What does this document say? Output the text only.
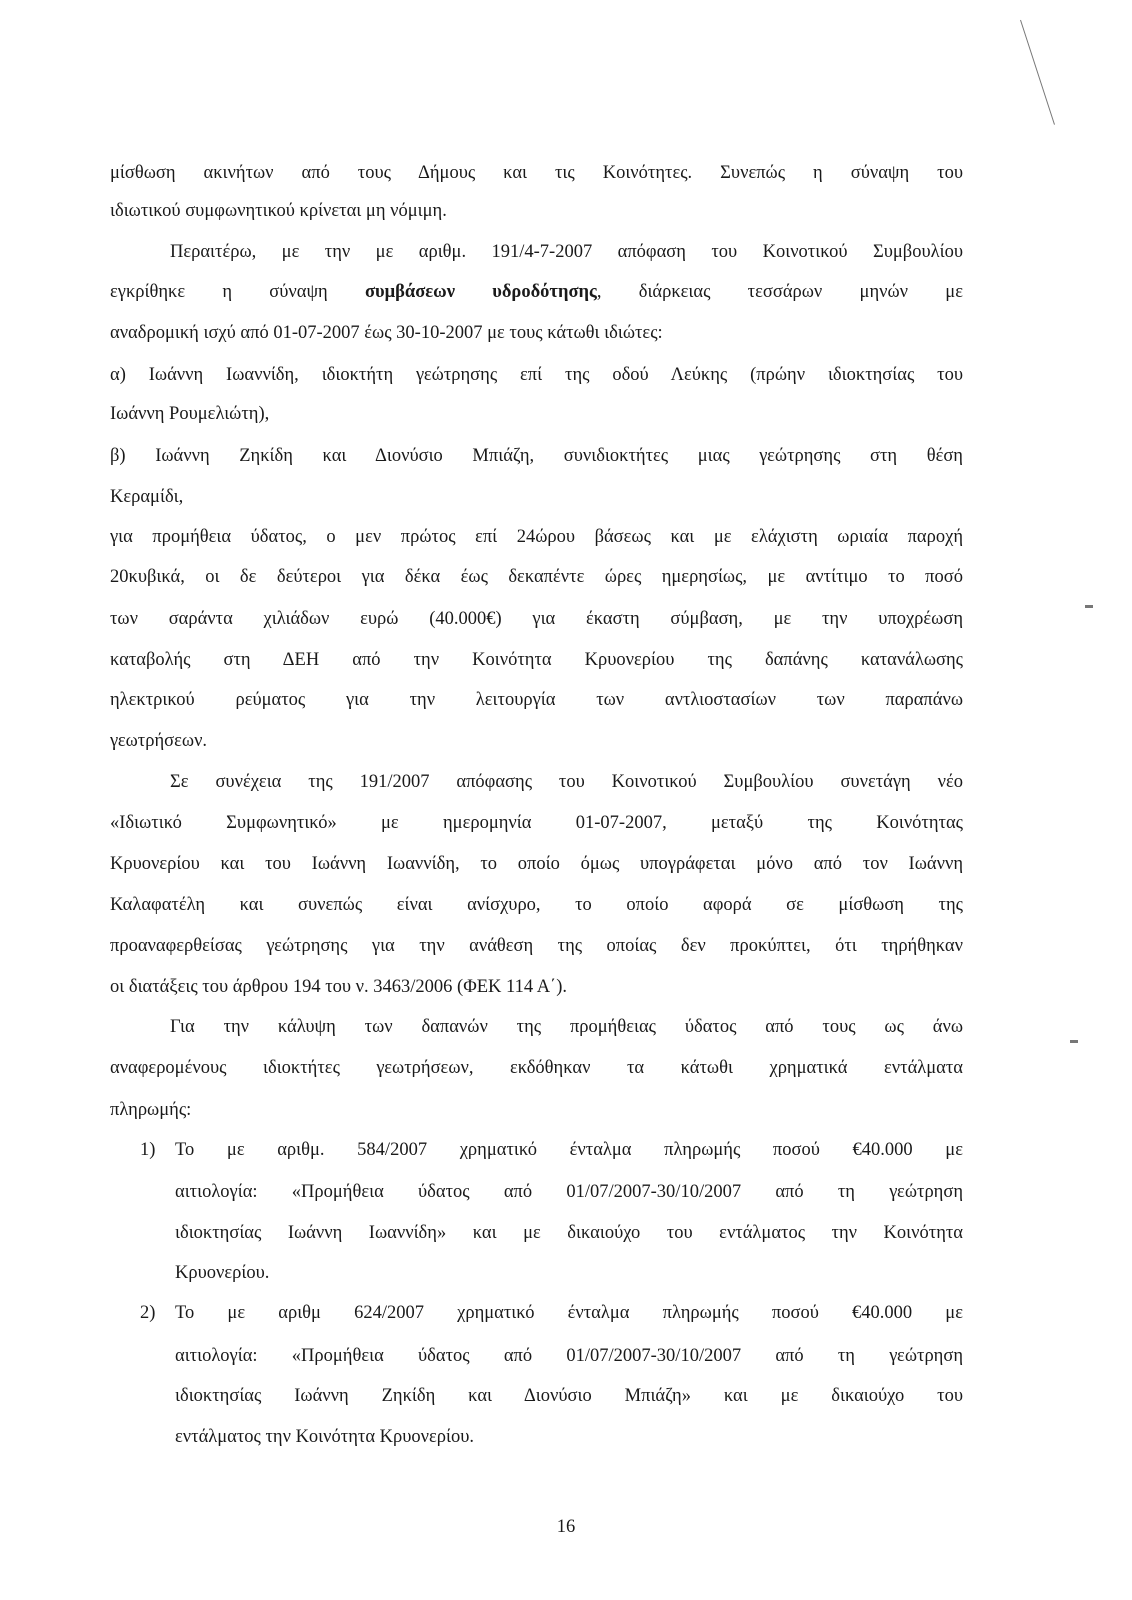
μίσθωση ακινήτων από τους Δήμους και τις Κοινότητες. Συνεπώς η σύναψη του
ιδιωτικού συμφωνητικού κρίνεται μη νόμιμη.
Περαιτέρω, με την με αριθμ. 191/4-7-2007 απόφαση του Κοινοτικού Συμβουλίου
εγκρίθηκε η σύναψη συμβάσεων υδροδότησης, διάρκειας τεσσάρων μηνών με
αναδρομική ισχύ από 01-07-2007 έως 30-10-2007 με τους κάτωθι ιδιώτες:
α) Ιωάννη Ιωαννίδη, ιδιοκτήτη γεώτρησης επί της οδού Λεύκης (πρώην ιδιοκτησίας του
Ιωάννη Ρουμελιώτη),
β) Ιωάννη Ζηκίδη και Διονύσιο Μπιάζη, συνιδιοκτήτες μιας γεώτρησης στη θέση
Κεραμίδι,
για προμήθεια ύδατος, ο μεν πρώτος επί 24ώρου βάσεως και με ελάχιστη ωριαία παροχή
20κυβικά, οι δε δεύτεροι για δέκα έως δεκαπέντε ώρες ημερησίως, με αντίτιμο το ποσό
των σαράντα χιλιάδων ευρώ (40.000€) για έκαστη σύμβαση, με την υποχρέωση
καταβολής στη ΔΕΗ από την Κοινότητα Κρυονερίου της δαπάνης κατανάλωσης
ηλεκτρικού ρεύματος για την λειτουργία των αντλιοστασίων των παραπάνω
γεωτρήσεων.
Σε συνέχεια της 191/2007 απόφασης του Κοινοτικού Συμβουλίου συνετάγη νέο
«Ιδιωτικό Συμφωνητικό» με ημερομηνία 01-07-2007, μεταξύ της Κοινότητας
Κρυονερίου και του Ιωάννη Ιωαννίδη, το οποίο όμως υπογράφεται μόνο από τον Ιωάννη
Καλαφατέλη και συνεπώς είναι ανίσχυρο, το οποίο αφορά σε μίσθωση της
προαναφερθείσας γεώτρησης για την ανάθεση της οποίας δεν προκύπτει, ότι τηρήθηκαν
οι διατάξεις του άρθρου 194 του ν. 3463/2006 (ΦΕΚ 114 Α΄).
Για την κάλυψη των δαπανών της προμήθειας ύδατος από τους ως άνω
αναφερομένους ιδιοκτήτες γεωτρήσεων, εκδόθηκαν τα κάτωθι χρηματικά εντάλματα
πληρωμής:
1) Το με αριθμ. 584/2007 χρηματικό ένταλμα πληρωμής ποσού €40.000 με
αιτιολογία: «Προμήθεια ύδατος από 01/07/2007-30/10/2007 από τη γεώτρηση
ιδιοκτησίας Ιωάννη Ιωαννίδη» και με δικαιούχο του εντάλματος την Κοινότητα
Κρυονερίου.
2) Το με αριθμ 624/2007 χρηματικό ένταλμα πληρωμής ποσού €40.000 με
αιτιολογία: «Προμήθεια ύδατος από 01/07/2007-30/10/2007 από τη γεώτρηση
ιδιοκτησίας Ιωάννη Ζηκίδη και Διονύσιο Μπιάζη» και με δικαιούχο του
εντάλματος την Κοινότητα Κρυονερίου.
16
